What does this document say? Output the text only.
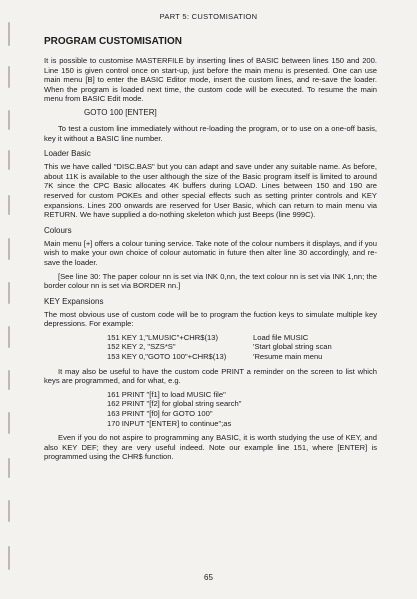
PART 5: CUSTOMISATION
PROGRAM CUSTOMISATION

It is possible to customise MASTERFILE by inserting lines of BASIC between lines 150 and 200. Line 150 is given control once on start-up, just before the main menu is presented. One can use main menu [B] to enter the BASIC Editor mode, insert the custom lines, and re-save the loader. When the program is loaded next time, the custom code will be executed. To resume the main menu from BASIC Edit mode.

GOTO 100 [ENTER]

To test a custom line immediately without re-loading the program, or to use on a one-off basis, key it without a BASIC line number.

Loader Basic

This we have called "DISC.BAS" but you can adapt and save under any suitable name. As before, about 11K is available to the user although the size of the Basic program itself is limited to around 7K since the CPC Basic allocates 4K buffers during LOAD. Lines between 150 and 190 are reserved for custom POKEs and other special effects such as setting printer controls and KEY expansions. Lines 200 onwards are reserved for User Basic, which can return to main menu via RETURN. We have supplied a do-nothing skeleton which just Beeps (line 999C).

Colours

Main menu [+] offers a colour tuning service. Take note of the colour numbers it displays, and if you wish to make your own choice of colour automatic in future then alter line 30 accordingly, and re-save the loader.

[See line 30: The paper colour nn is set via INK 0,nn, the text colour nn is set via INK 1,nn; the border colour nn is set via BORDER nn.]

KEY Expansions

The most obvious use of custom code will be to program the fuction keys to simulate multiple key depressions. For example:

151 KEY 1,"LMUSIC"+CHR$(13)	Load file MUSIC
152 KEY 2, "SZS*S"	'Start global string scan
153 KEY 0,"GOTO 100"+CHR$(13)	'Resume main menu

It may also be useful to have the custom code PRINT a reminder on the screen to list which keys are programmed, and for what, e.g.

161 PRINT "[f1] to load MUSIC file"
162 PRINT "[f2] for global string search"
163 PRINT "[f0] for GOTO 100"
170 INPUT "[ENTER] to continue";as

Even if you do not aspire to programming any BASIC, it is worth studying the use of KEY, and also KEY DEF; they are very useful indeed. Note our example line 151, where [ENTER] is programmed using the CHR$ function.

65
